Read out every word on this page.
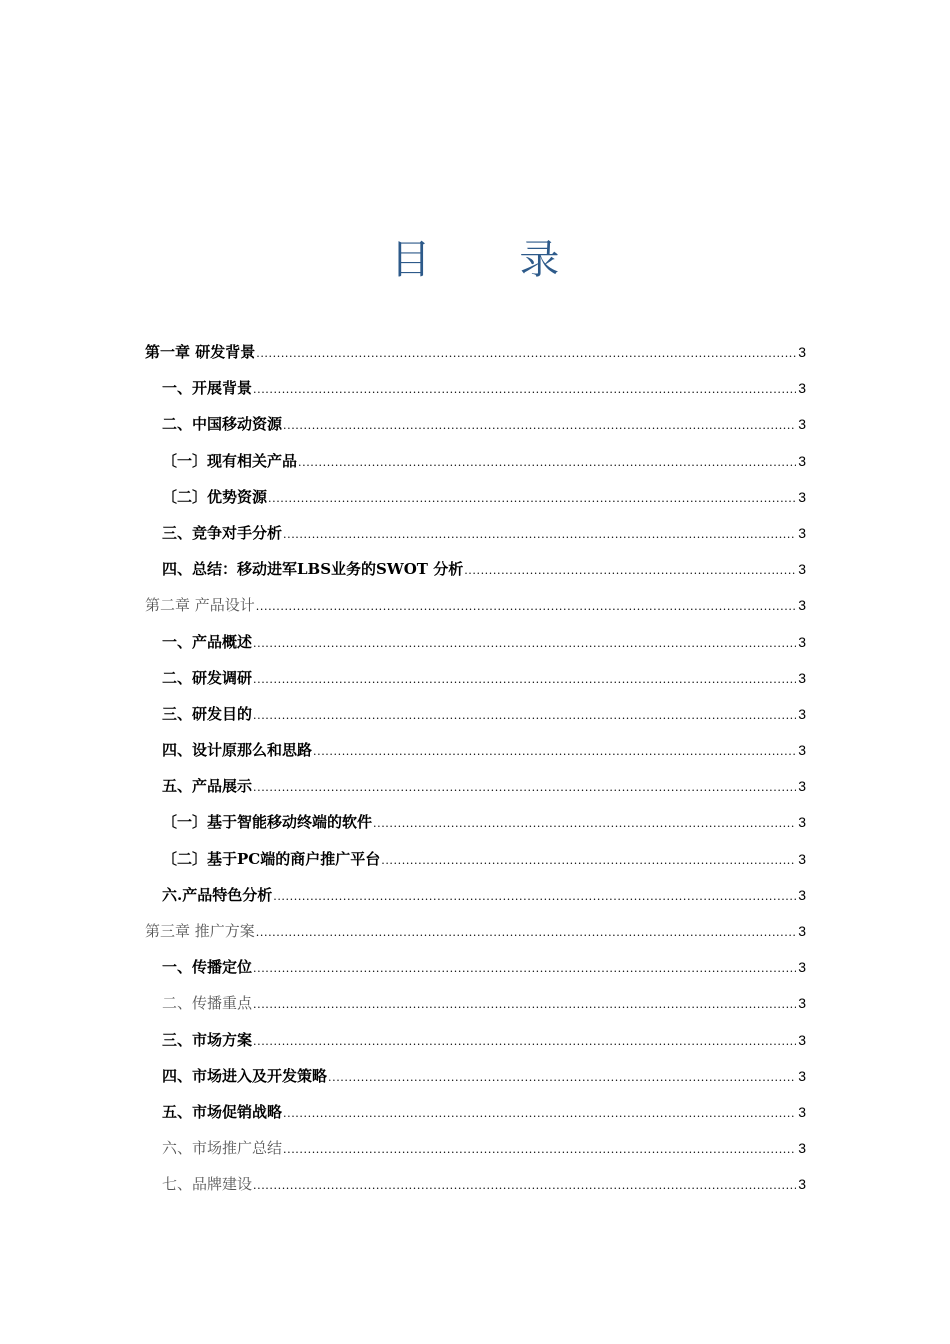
目 录
第一章 研发背景 .....	3
一、开展背景 .....	3
二、中国移动资源 .....	3
〔一〕现有相关产品 .....	3
〔二〕优势资源 .....	3
三、竞争对手分析 .....	3
四、总结：移动进军LBS业务的SWOT 分析 .....	3
第二章 产品设计 .....	3
一、产品概述 .....	3
二、研发调研 .....	3
三、研发目的 .....	3
四、设计原那么和思路 .....	3
五、产品展示 .....	3
〔一〕基于智能移动终端的软件 .....	3
〔二〕基于PC端的商户推广平台 .....	3
六.产品特色分析 .....	3
第三章 推广方案 .....	3
一、传播定位 .....	3
二、传播重点 .....	3
三、市场方案 .....	3
四、市场进入及开发策略 .....	3
五、市场促销战略 .....	3
六、市场推广总结 .....	3
七、品牌建设 .....	3
